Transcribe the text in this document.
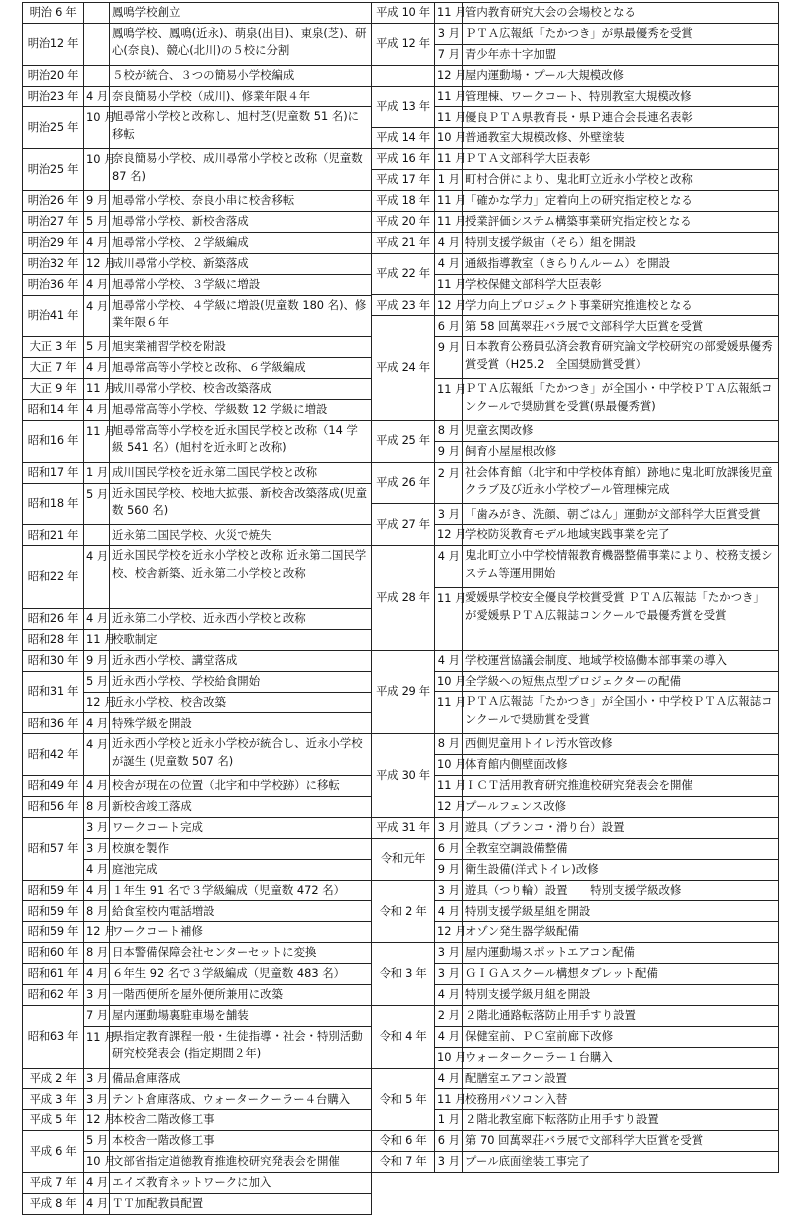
明治 6 年		鳳鳴学校創立
明治12 年		鳳鳴学校、鳳鳴(近永)、萌泉(出目)、東泉(芝)、研心(奈良)、競心(北川)の５校に分割
明治20 年		５校が統合、３つの簡易小学校編成
明治23 年	4 月	奈良簡易小学校（成川)、修業年限４年
明治25 年	10 月	旭尋常小学校と改称し、旭村芝(児童数 51 名)に移転
明治25 年	10 月	奈良簡易小学校、成川尋常小学校と改称（児童数 87 名)
明治26 年	9 月	旭尋常小学校、奈良小串に校舎移転
明治27 年	5 月	旭尋常小学校、新校舎落成
明治29 年	4 月	旭尋常小学校、２学級編成
明治32 年	12 月	成川尋常小学校、新築落成
明治36 年	4 月	旭尋常小学校、３学級に増設
明治41 年	4 月	旭尋常小学校、４学級に増設(児童数 180 名)、修業年限６年
大正 3 年	5 月	旭実業補習学校を附設
大正 7 年	4 月	旭尋常高等小学校と改称、６学級編成
大正 9 年	11 月	成川尋常小学校、校舎改築落成
昭和14 年	4 月	旭尋常高等小学校、学級数 12 学級に増設
昭和16 年	11 月	旭尋常高等小学校を近永国民学校と改称（14 学級 541 名）(旭村を近永町と改称)
昭和17 年	1 月	成川国民学校を近永第二国民学校と改称
昭和18 年	5 月	近永国民学校、校地大拡張、新校舎改築落成(児童数 560 名)
昭和21 年		近永第二国民学校、火災で焼失
昭和22 年	4 月	近永国民学校を近永小学校と改称 近永第二国民学校、校舎新築、近永第二小学校と改称
昭和26 年	4 月	近永第二小学校、近永西小学校と改称
昭和28 年	11 月	校歌制定
昭和30 年	9 月	近永西小学校、講堂落成
昭和31 年	5 月	近永西小学校、学校給食開始
	12 月	近永小学校、校舎改築
昭和36 年	4 月	特殊学級を開設
昭和42 年	4 月	近永西小学校と近永小学校が統合し、近永小学校が誕生 (児童数 507 名)
昭和49 年	4 月	校舎が現在の位置（北宇和中学校跡）に移転
昭和56 年	8 月	新校舎竣工落成
昭和57 年	3 月	ワークコート完成
	3 月	校旗を製作
	4 月	庭池完成
昭和59 年	4 月	１年生 91 名で３学級編成（児童数 472 名）
昭和59 年	8 月	給食室校内電話増設
昭和59 年	12 月	ワークコート補修
昭和60 年	8 月	日本警備保障会社センターセットに変換
昭和61 年	4 月	６年生 92 名で３学級編成（児童数 483 名）
昭和62 年	3 月	一階西便所を屋外便所兼用に改築
昭和63 年	7 月	屋内運動場裏駐車場を舗装
	11 月	県指定教育課程一般・生徒指導・社会・特別活動研究校発表会 (指定期間２年)
平成 2 年	3 月	備品倉庫落成
平成 3 年	3 月	テント倉庫落成、ウォータークーラー４台購入
平成 5 年	12 月	本校舎二階改修工事
平成 6 年	5 月	本校舎一階改修工事
	10 月	文部省指定道徳教育推進校研究発表会を開催
平成 7 年	4 月	エイズ教育ネットワークに加入
平成 8 年	4 月	ＴＴ加配教員配置
平成 10 年	11 月	管内教育研究大会の会場校となる
平成 12 年	3 月	ＰＴＡ広報紙「たかつき」が県最優秀を受賞
	7 月	青少年赤十字加盟
	12 月	屋内運動場・プール大規模改修
平成 13 年	11 月	管理棟、ワークコート、特別教室大規模改修
	11 月	優良ＰＴＡ県教育長・県Ｐ連合会長連名表彰
平成 14 年	10 月	普通教室大規模改修、外壁塗装
平成 16 年	11 月	ＰＴＡ文部科学大臣表彰
平成 17 年	1 月	町村合併により、鬼北町立近永小学校と改称
平成 18 年	11 月	「確かな学力」定着向上の研究指定校となる
平成 20 年	11 月	授業評価システム構築事業研究指定校となる
平成 21 年	4 月	特別支援学級宙（そら）組を開設
平成 22 年	4 月	通級指導教室（きらりんルーム）を開設
	11 月	学校保健文部科学大臣表彰
平成 23 年	12 月	学力向上プロジェクト事業研究推進校となる
平成 24 年	6 月	第 58 回萬翠荘バラ展で文部科学大臣賞を受賞
	9 月	日本教育公務員弘済会教育研究論文学校研究の部愛媛県優秀賞受賞（H25.2　全国奨励賞受賞）
	11 月	ＰＴＡ広報紙「たかつき」が全国小・中学校ＰＴＡ広報紙コンクールで奨励賞を受賞(県最優秀賞)
平成 25 年	8 月	児童玄関改修
	9 月	飼育小屋屋根改修
平成 26 年	2 月	社会体育館（北宇和中学校体育館）跡地に鬼北町放課後児童クラブ及び近永小学校プール管理棟完成
平成 27 年	3 月	「歯みがき、洗顔、朝ごはん」運動が文部科学大臣賞受賞
	12 月	学校防災教育モデル地域実践事業を完了
平成 28 年	4 月	鬼北町立小中学校情報教育機器整備事業により、校務支援システム等運用開始
	11 月	愛媛県学校安全優良学校賞受賞 ＰＴＡ広報誌「たかつき」が愛媛県ＰＴＡ広報誌コンクールで最優秀賞を受賞
平成 29 年	4 月	学校運営協議会制度、地域学校協働本部事業の導入
	10 月	全学級への短焦点型プロジェクターの配備
	11 月	ＰＴＡ広報誌「たかつき」が全国小・中学校ＰＴＡ広報誌コンクールで奨励賞を受賞
平成 30 年	8 月	西側児童用トイレ汚水管改修
	10 月	体育館内側壁面改修
	11 月	ＩＣＴ活用教育研究推進校研究発表会を開催
	12 月	プールフェンス改修
平成 31 年	3 月	遊具（ブランコ・滑り台）設置
令和元年	6 月	全教室空調設備整備
	9 月	衛生設備(洋式トイレ)改修
令和 2 年	3 月	遊具（つり輪）設置　　特別支援学級改修
	4 月	特別支援学級星組を開設
	12 月	オゾン発生器学級配備
令和 3 年	3 月	屋内運動場スポットエアコン配備
	3 月	ＧＩＧＡスクール構想タブレット配備
	4 月	特別支援学級月組を開設
令和 4 年	2 月	２階北通路転落防止用手すり設置
	4 月	保健室前、ＰＣ室前廊下改修
	10 月	ウォータークーラー１台購入
令和 5 年	4 月	配膳室エアコン設置
	11 月	校務用パソコン入替
	1 月	２階北教室廊下転落防止用手すり設置
令和 6 年	6 月	第 70 回萬翠荘バラ展で文部科学大臣賞を受賞
令和 7 年	3 月	プール底面塗装工事完了
